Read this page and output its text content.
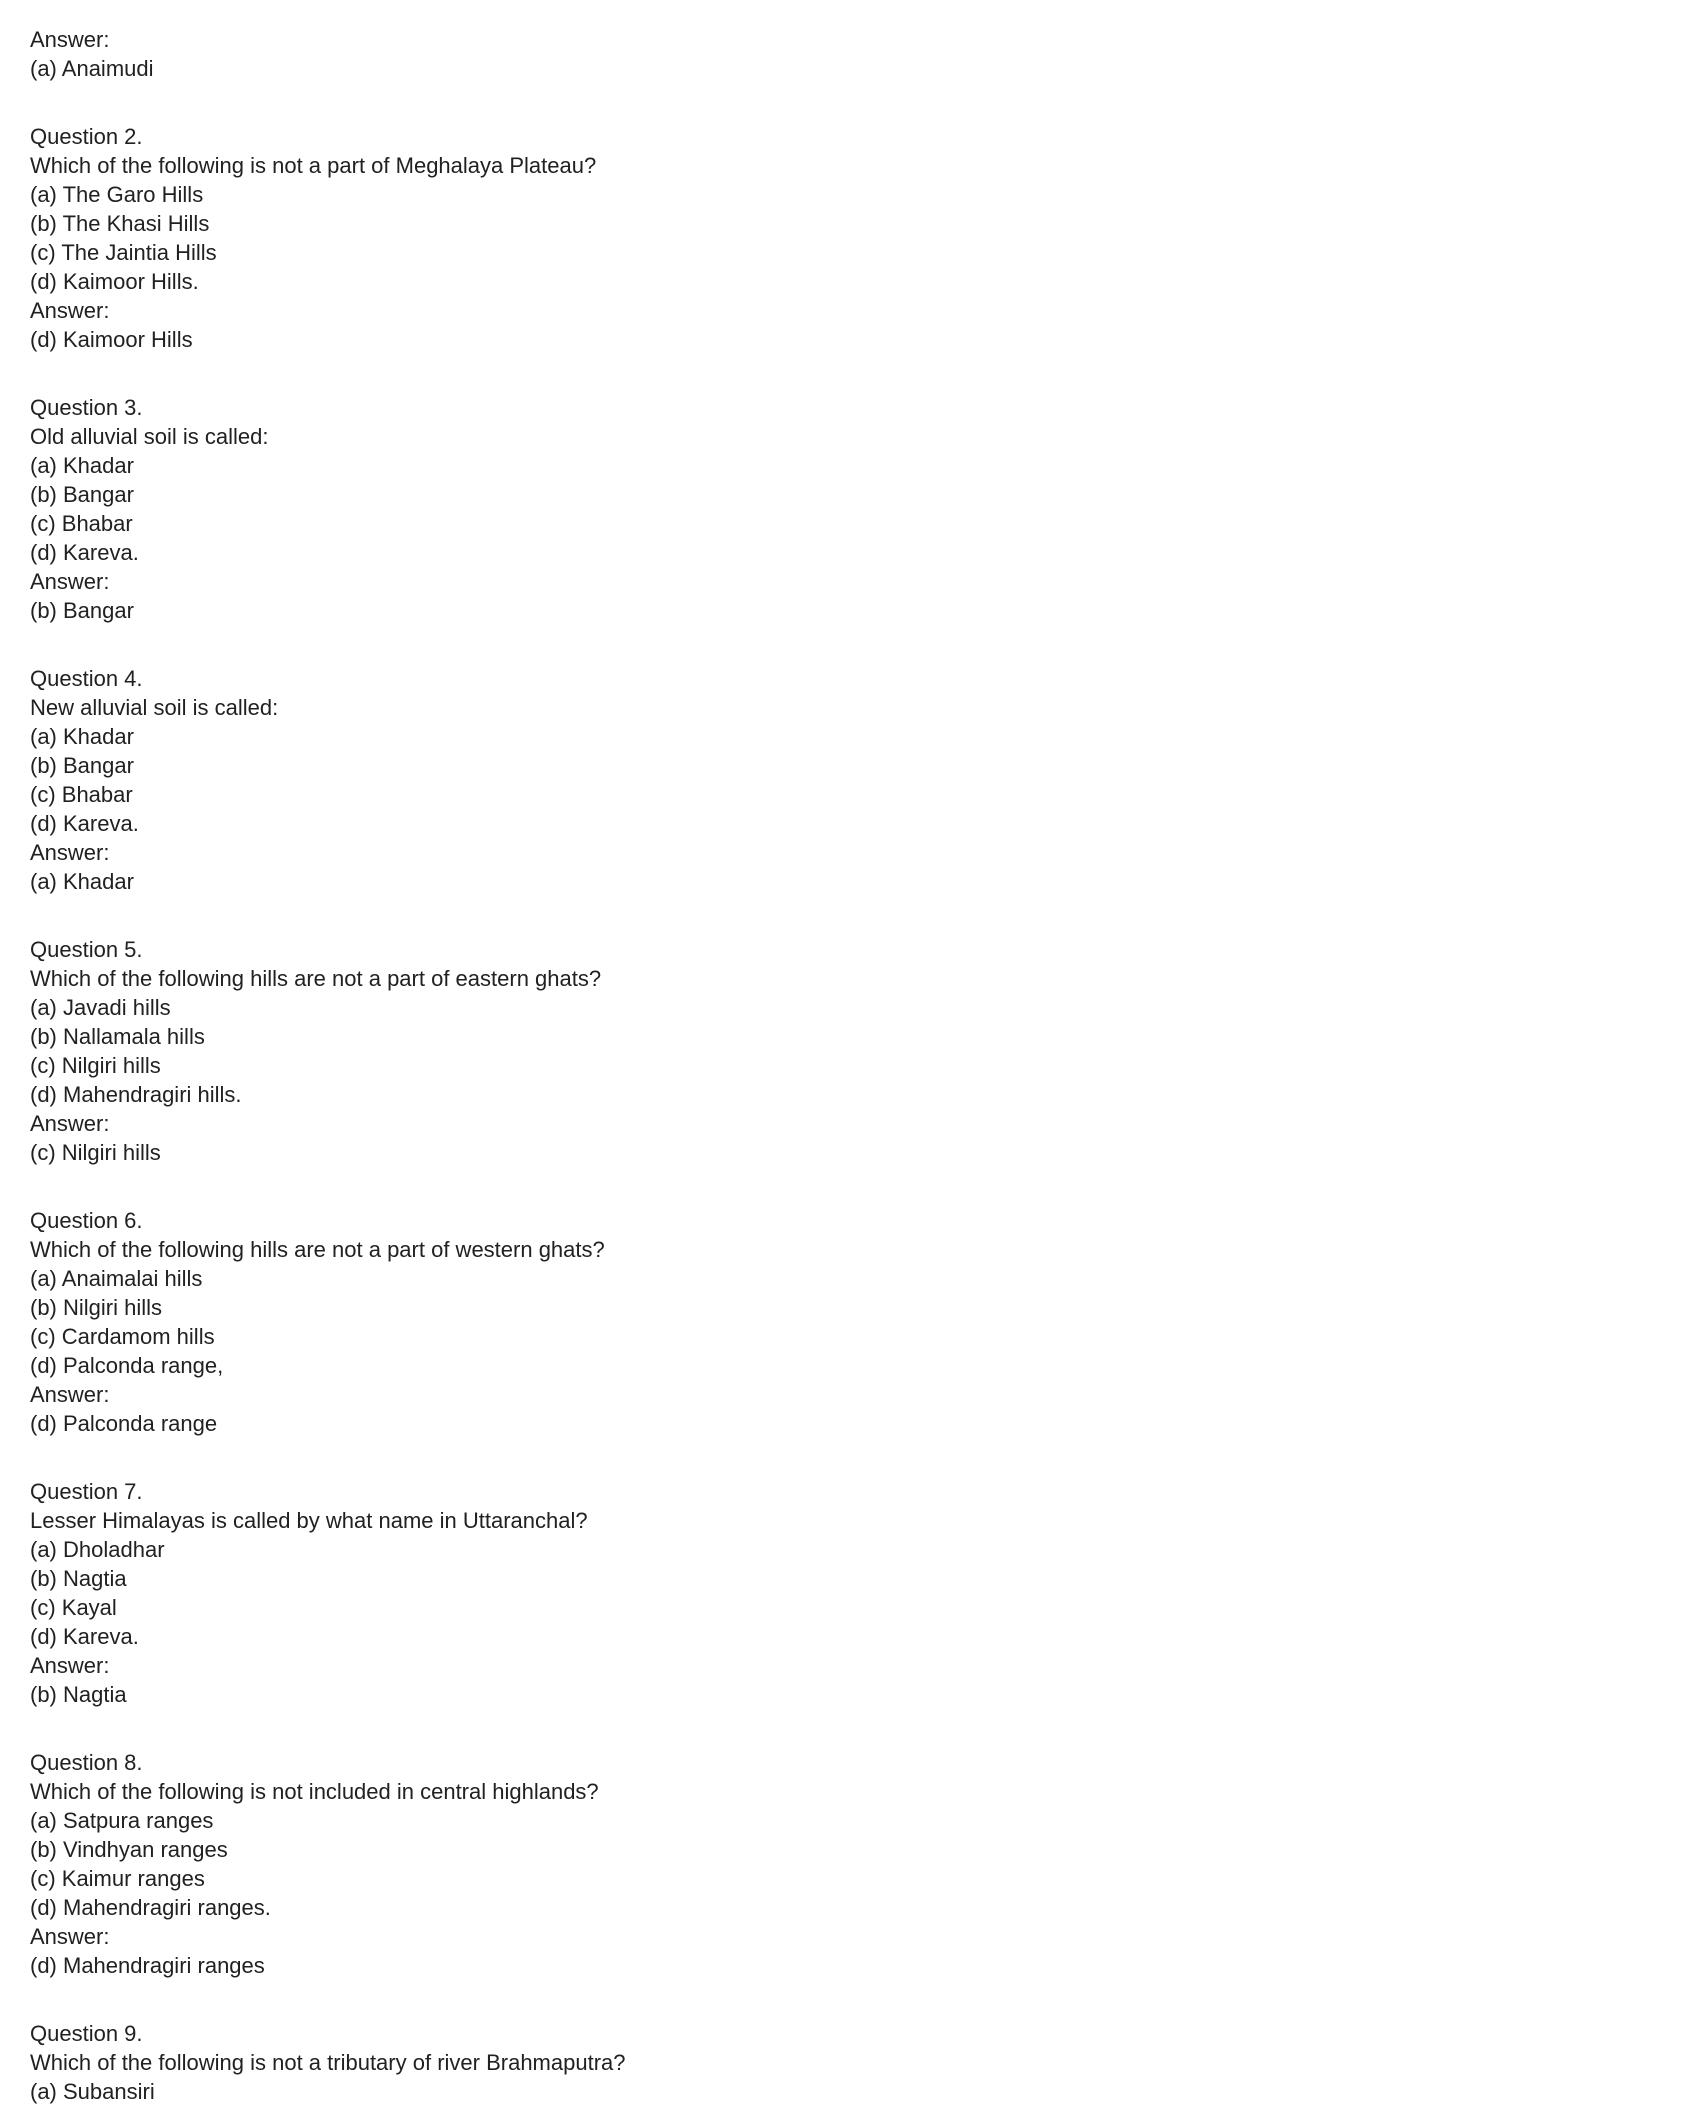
Answer:
(a) Anaimudi
Question 2.
Which of the following is not a part of Meghalaya Plateau?
(a) The Garo Hills
(b) The Khasi Hills
(c) The Jaintia Hills
(d) Kaimoor Hills.
Answer:
(d) Kaimoor Hills
Question 3.
Old alluvial soil is called:
(a) Khadar
(b) Bangar
(c) Bhabar
(d) Kareva.
Answer:
(b) Bangar
Question 4.
New alluvial soil is called:
(a) Khadar
(b) Bangar
(c) Bhabar
(d) Kareva.
Answer:
(a) Khadar
Question 5.
Which of the following hills are not a part of eastern ghats?
(a) Javadi hills
(b) Nallamala hills
(c) Nilgiri hills
(d) Mahendragiri hills.
Answer:
(c) Nilgiri hills
Question 6.
Which of the following hills are not a part of western ghats?
(a) Anaimalai hills
(b) Nilgiri hills
(c) Cardamom hills
(d) Palconda range,
Answer:
(d) Palconda range
Question 7.
Lesser Himalayas is called by what name in Uttaranchal?
(a) Dholadhar
(b) Nagtia
(c) Kayal
(d) Kareva.
Answer:
(b) Nagtia
Question 8.
Which of the following is not included in central highlands?
(a) Satpura ranges
(b) Vindhyan ranges
(c) Kaimur ranges
(d) Mahendragiri ranges.
Answer:
(d) Mahendragiri ranges
Question 9.
Which of the following is not a tributary of river Brahmaputra?
(a) Subansiri
